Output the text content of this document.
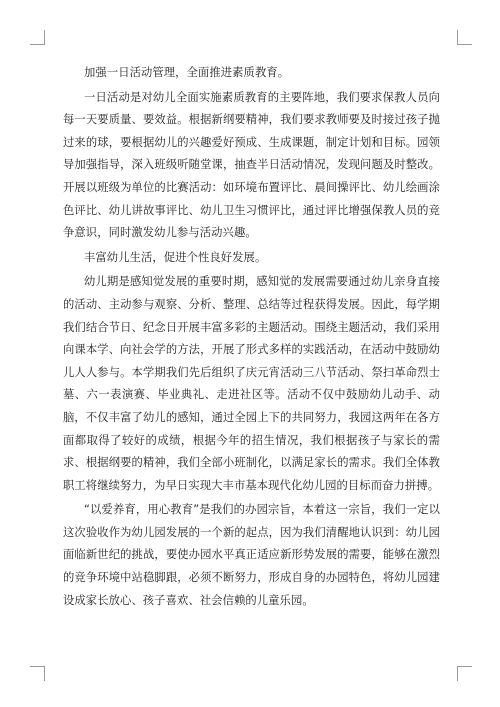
加强一日活动管理，全面推进素质教育。

一日活动是对幼儿全面实施素质教育的主要阵地，我们要求保教人员向每一天要质量、要效益。根据新纲要精神，我们要求教师要及时接过孩子抛过来的球，要根据幼儿的兴趣爱好预成、生成课题，制定计划和目标。园领导加强指导，深入班级听随堂课，抽查半日活动情况，发现问题及时整改。开展以班级为单位的比赛活动：如环境布置评比、晨间操评比、幼儿绘画涂色评比、幼儿讲故事评比、幼儿卫生习惯评比，通过评比增强保教人员的竞争意识，同时激发幼儿参与活动兴趣。

丰富幼儿生活，促进个性良好发展。

幼儿期是感知觉发展的重要时期，感知觉的发展需要通过幼儿亲身直接的活动、主动参与观察、分析、整理、总结等过程获得发展。因此，每学期我们结合节日、纪念日开展丰富多彩的主题活动。围绕主题活动，我们采用向课本学、向社会学的方法，开展了形式多样的实践活动，在活动中鼓励幼儿人人参与。本学期我们先后组织了庆元宵活动三八节活动、祭扫革命烈士墓、六一表演赛、毕业典礼、走进社区等。活动不仅中鼓励幼儿动手、动脑，不仅丰富了幼儿的感知，通过全园上下的共同努力，我园这两年在各方面都取得了较好的成绩，根据今年的招生情况，我们根据孩子与家长的需求、根据纲要的精神，我们全部小班制化，以满足家长的需求。我们全体教职工将继续努力，为早日实现大丰市基本现代化幼儿园的目标而奋力拼搏。

“以爱养育，用心教育”是我们的办园宗旨，本着这一宗旨，我们一定以这次验收作为幼儿园发展的一个新的起点，因为我们清醒地认识到：幼儿园面临新世纪的挑战，要使办园水平真正适应新形势发展的需要，能够在激烈的竞争环境中站稳脚跟，必须不断努力，形成自身的办园特色，将幼儿园建设成家长放心、孩子喜欢、社会信赖的儿童乐园。
